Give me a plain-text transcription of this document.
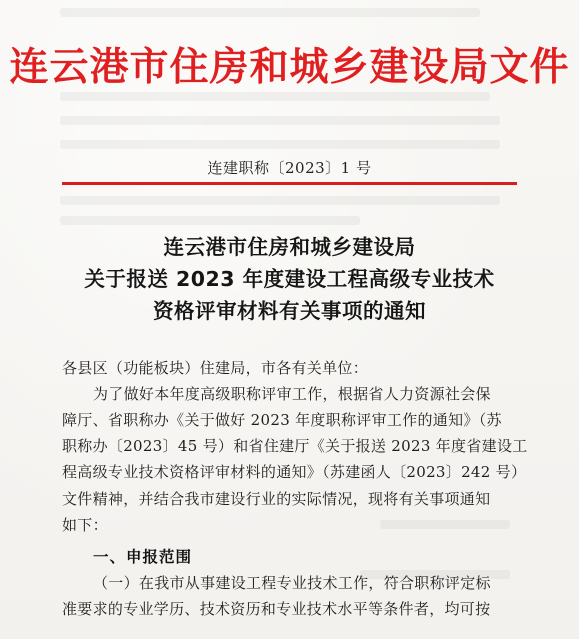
连云港市住房和城乡建设局文件
连建职称〔2023〕1 号
连云港市住房和城乡建设局
关于报送 2023 年度建设工程高级专业技术
资格评审材料有关事项的通知
各县区（功能板块）住建局，市各有关单位：
为了做好本年度高级职称评审工作，根据省人力资源社会保
障厅、省职称办《关于做好 2023 年度职称评审工作的通知》（苏
职称办〔2023〕45 号）和省住建厅《关于报送 2023 年度省建设工
程高级专业技术资格评审材料的通知》（苏建函人〔2023〕242 号）
文件精神，并结合我市建设行业的实际情况，现将有关事项通知
如下：
一、申报范围
（一）在我市从事建设工程专业技术工作，符合职称评定标
准要求的专业学历、技术资历和专业技术水平等条件者，均可按
